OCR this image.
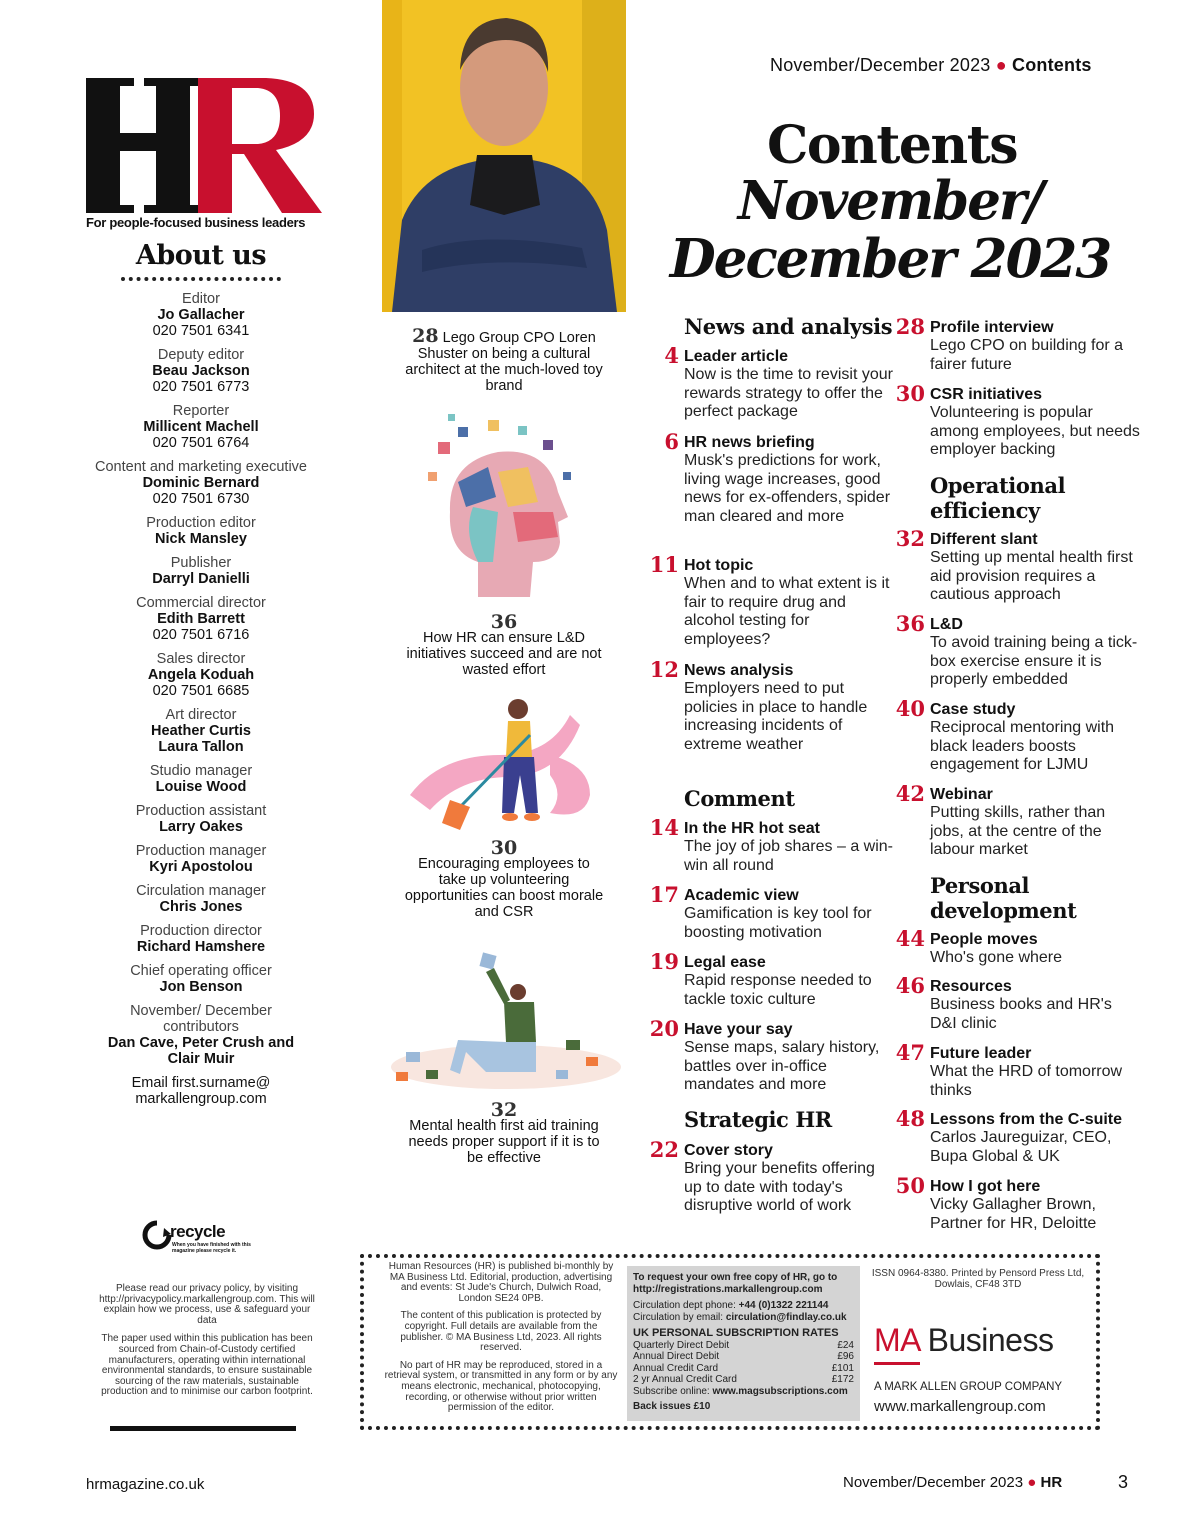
November/December 2023 ● Contents
For people-focused business leaders
About us
Editor
Jo Gallacher
020 7501 6341
Deputy editor
Beau Jackson
020 7501 6773
Reporter
Millicent Machell
020 7501 6764
Content and marketing executive
Dominic Bernard
020 7501 6730
Production editor
Nick Mansley
Publisher
Darryl Danielli
Commercial director
Edith Barrett
020 7501 6716
Sales director
Angela Koduah
020 7501 6685
Art director
Heather Curtis
Laura Tallon
Studio manager
Louise Wood
Production assistant
Larry Oakes
Production manager
Kyri Apostolou
Circulation manager
Chris Jones
Production director
Richard Hamshere
Chief operating officer
Jon Benson
November/ December contributors
Dan Cave, Peter Crush and Clair Muir
Email first.surname@ markallengroup.com
28 Lego Group CPO Loren Shuster on being a cultural architect at the much-loved toy brand
36
How HR can ensure L&D initiatives succeed and are not wasted effort
30
Encouraging employees to take up volunteering opportunities can boost morale and CSR
32
Mental health first aid training needs proper support if it is to be effective
Contents
November/
December 2023
News and analysis
Comment
Strategic HR
Operational
efficiency
Personal
development
4 Leader article
Now is the time to revisit your rewards strategy to offer the perfect package
6 HR news briefing
Musk's predictions for work, living wage increases, good news for ex-offenders, spider man cleared and more
11 Hot topic
When and to what extent is it fair to require drug and alcohol testing for employees?
12 News analysis
Employers need to put policies in place to handle increasing incidents of extreme weather
14 In the HR hot seat
The joy of job shares – a win-win all round
17 Academic view
Gamification is key tool for boosting motivation
19 Legal ease
Rapid response needed to tackle toxic culture
20 Have your say
Sense maps, salary history, battles over in-office mandates and more
22 Cover story
Bring your benefits offering up to date with today's disruptive world of work
28 Profile interview
Lego CPO on building for a fairer future
30 CSR initiatives
Volunteering is popular among employees, but needs employer backing
32 Different slant
Setting up mental health first aid provision requires a cautious approach
36 L&D
To avoid training being a tick-box exercise ensure it is properly embedded
40 Case study
Reciprocal mentoring with black leaders boosts engagement for LJMU
42 Webinar
Putting skills, rather than jobs, at the centre of the labour market
44 People moves
Who's gone where
46 Resources
Business books and HR's D&I clinic
47 Future leader
What the HRD of tomorrow thinks
48 Lessons from the C-suite
Carlos Jaureguizar, CEO, Bupa Global & UK
50 How I got here
Vicky Gallagher Brown, Partner for HR, Deloitte
recycle
When you have finished with this magazine please recycle it.

Please read our privacy policy, by visiting http://privacypolicy.markallengroup.com. This will explain how we process, use & safeguard your data

The paper used within this publication has been sourced from Chain-of-Custody certified manufacturers, operating within international environmental standards, to ensure sustainable sourcing of the raw materials, sustainable production and to minimise our carbon footprint.

Human Resources (HR) is published bi-monthly by MA Business Ltd. Editorial, production, advertising and events: St Jude's Church, Dulwich Road, London SE24 0PB.

The content of this publication is protected by copyright. Full details are available from the publisher. © MA Business Ltd, 2023. All rights reserved.

No part of HR may be reproduced, stored in a retrieval system, or transmitted in any form or by any means electronic, mechanical, photocopying, recording, or otherwise without prior written permission of the editor.

To request your own free copy of HR, go to
http://registrations.markallengroup.com
Circulation dept phone: +44 (0)1322 221144
Circulation by email: circulation@findlay.co.uk
UK PERSONAL SUBSCRIPTION RATES
Quarterly Direct Debit	£24
Annual Direct Debit	£96
Annual Credit Card	£101
2 yr Annual Credit Card	£172
Subscribe online: www.magsubscriptions.com
Back issues £10
ISSN 0964-8380. Printed by Pensord Press Ltd, Dowlais, CF48 3TD
MA Business
A MARK ALLEN GROUP COMPANY
www.markallengroup.com
hrmagazine.co.uk	November/December 2023 ● HR	3
